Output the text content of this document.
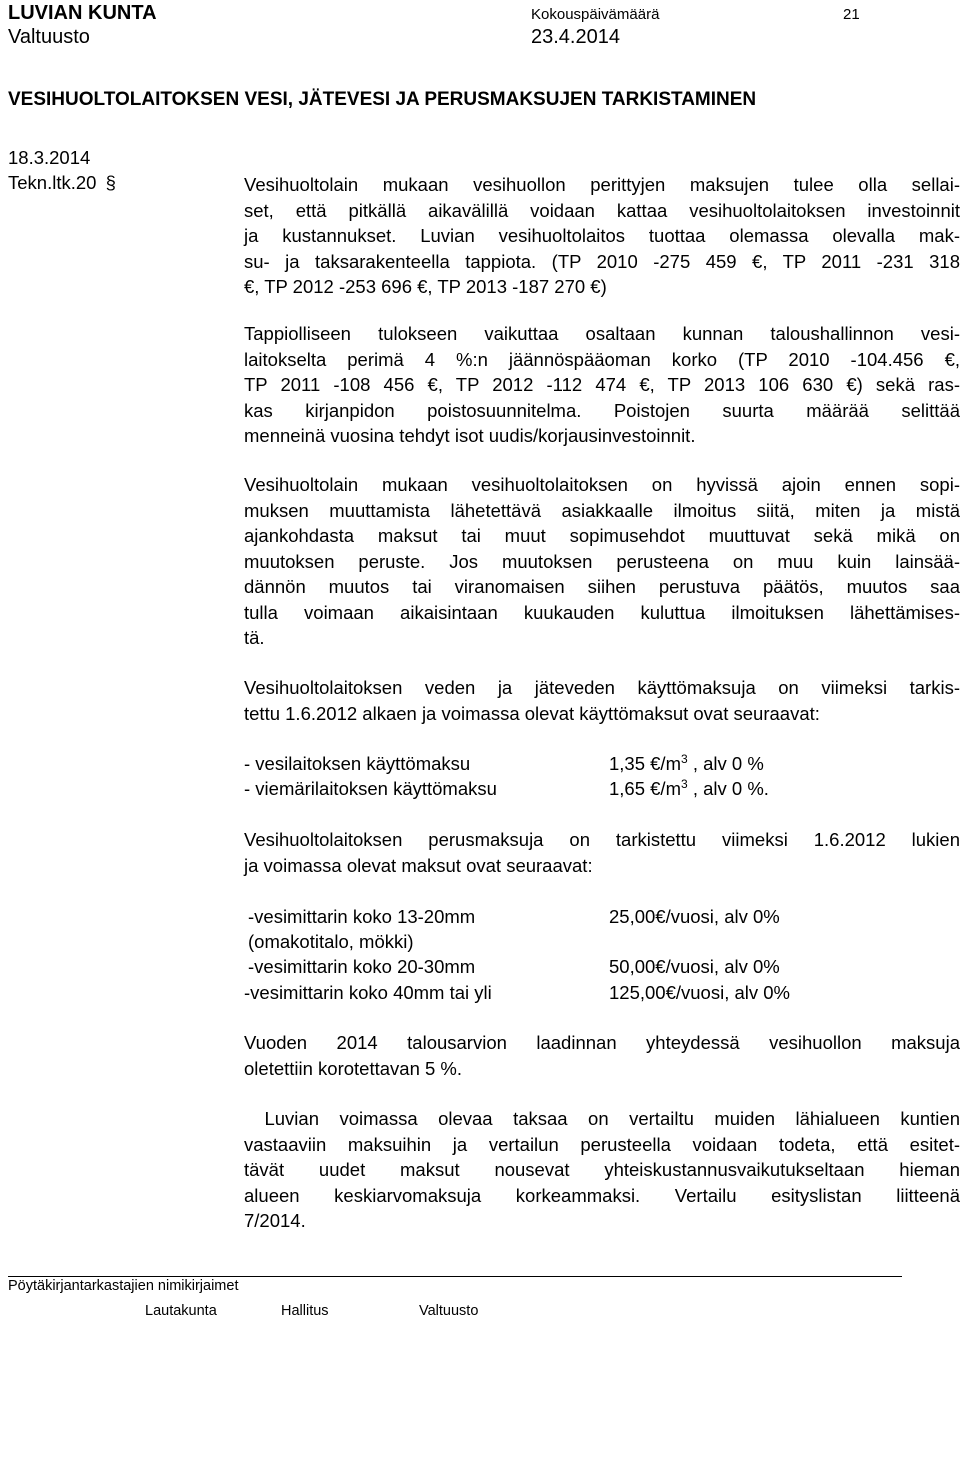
LUVIAN KUNTA
Valtuusto
Kokouspäivämäärä
23.4.2014
21
VESIHUOLTOLAITOKSEN VESI, JÄTEVESI JA PERUSMAKSUJEN TARKISTAMINEN
18.3.2014
Tekn.ltk.20 §	Vesihuoltolain mukaan vesihuollon perittyjen maksujen tulee olla sellai-
set, että pitkällä aikavälillä voidaan kattaa vesihuoltolaitoksen investoinnit
ja kustannukset. Luvian vesihuoltolaitos tuottaa olemassa olevalla mak-
su- ja taksarakenteella tappiota. (TP 2010 -275 459 €, TP 2011 -231 318
€, TP 2012 -253 696 €, TP 2013 -187 270 €)
Tappiolliseen tulokseen vaikuttaa osaltaan kunnan taloushallinnon vesi-
laitokselta perimä 4 %:n jäännöspääoman korko (TP 2010 -104.456 €,
TP 2011 -108 456 €, TP 2012 -112 474 €, TP 2013 106 630 €) sekä ras-
kas kirjanpidon poistosuunnitelma. Poistojen suurta määrää selittää
menneinä vuosina tehdyt isot uudis/korjausinvestoinnit.
Vesihuoltolain mukaan vesihuoltolaitoksen on hyvissä ajoin ennen sopi-
muksen muuttamista lähetettävä asiakkaalle ilmoitus siitä, miten ja mistä
ajankohdasta maksut tai muut sopimusehdot muuttuvat sekä mikä on
muutoksen peruste. Jos muutoksen perusteena on muu kuin lainsää-
dännön muutos tai viranomaisen siihen perustuva päätös, muutos saa
tulla voimaan aikaisintaan kuukauden kuluttua ilmoituksen lähettämises-
tä.
Vesihuoltolaitoksen veden ja jäteveden käyttömaksuja on viimeksi tarkis-
tettu 1.6.2012 alkaen ja voimassa olevat käyttömaksut ovat seuraavat:
- vesilaitoksen käyttömaksu	1,35 $€/m^3$ , alv 0 %
- viemärilaitoksen käyttömaksu	1,65 $€/m^3$ , alv 0 %.
Vesihuoltolaitoksen perusmaksuja on tarkistettu viimeksi 1.6.2012 lukien
ja voimassa olevat maksut ovat seuraavat:
-vesimittarin koko 13-20mm	25,00€/vuosi, alv 0%
(omakotitalo, mökki)
-vesimittarin koko 20-30mm	50,00€/vuosi, alv 0%
-vesimittarin koko 40mm tai yli	125,00€/vuosi, alv 0%
Vuoden 2014 talousarvion laadinnan yhteydessä vesihuollon maksuja
oletettiin korotettavan 5 %.
Luvian voimassa olevaa taksaa on vertailtu muiden lähialueen kuntien
vastaaviin maksuihin ja vertailun perusteella voidaan todeta, että esitet-
tävät uudet maksut nousevat yhteiskustannusvaikutukseltaan hieman
alueen keskiarvomaksuja korkeammaksi. Vertailu esityslistan liitteenä
7/2014.
Pöytäkirjantarkastajien nimikirjaimet
Lautakunta	Hallitus	Valtuusto
